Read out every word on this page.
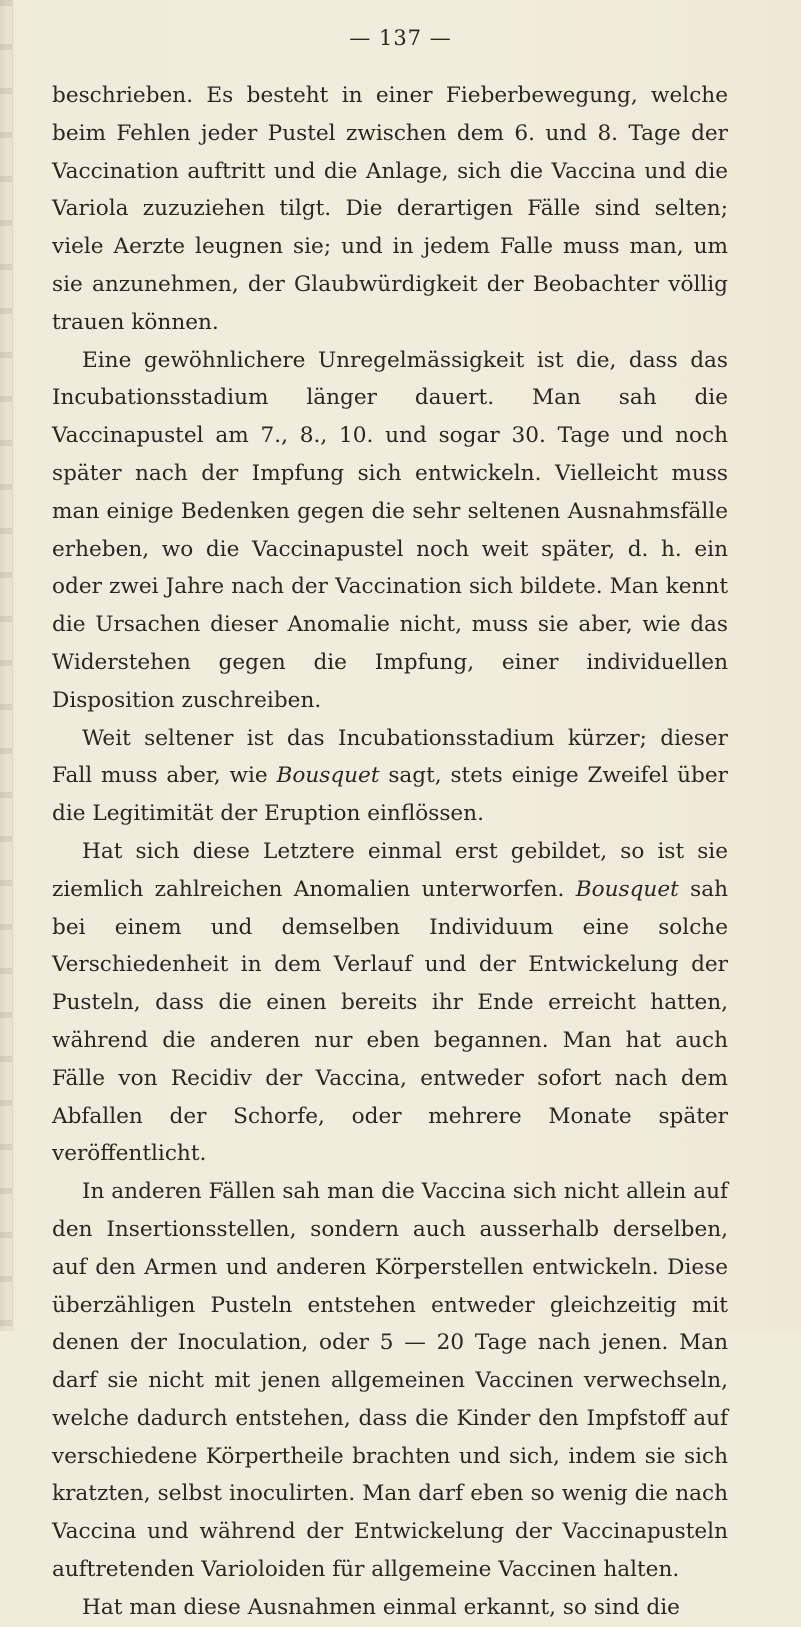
— 137 —

beschrieben. Es besteht in einer Fieberbewegung, welche beim Fehlen jeder Pustel zwischen dem 6. und 8. Tage der Vaccination auftritt und die Anlage, sich die Vaccina und die Variola zuzuziehen tilgt. Die derartigen Fälle sind selten; viele Aerzte leugnen sie; und in jedem Falle muss man, um sie anzunehmen, der Glaubwürdigkeit der Beobachter völlig trauen können.

Eine gewöhnlichere Unregelmässigkeit ist die, dass das Incubationsstadium länger dauert. Man sah die Vaccinapustel am 7., 8., 10. und sogar 30. Tage und noch später nach der Impfung sich entwickeln. Vielleicht muss man einige Bedenken gegen die sehr seltenen Ausnahmsfälle erheben, wo die Vaccinapustel noch weit später, d. h. ein oder zwei Jahre nach der Vaccination sich bildete. Man kennt die Ursachen dieser Anomalie nicht, muss sie aber, wie das Widerstehen gegen die Impfung, einer individuellen Disposition zuschreiben.

Weit seltener ist das Incubationsstadium kürzer; dieser Fall muss aber, wie Bousquet sagt, stets einige Zweifel über die Legitimität der Eruption einflössen.

Hat sich diese Letztere einmal erst gebildet, so ist sie ziemlich zahlreichen Anomalien unterworfen. Bousquet sah bei einem und demselben Individuum eine solche Verschiedenheit in dem Verlauf und der Entwickelung der Pusteln, dass die einen bereits ihr Ende erreicht hatten, während die anderen nur eben begannen. Man hat auch Fälle von Recidiv der Vaccina, entweder sofort nach dem Abfallen der Schorfe, oder mehrere Monate später veröffentlicht.

In anderen Fällen sah man die Vaccina sich nicht allein auf den Insertionsstellen, sondern auch ausserhalb derselben, auf den Armen und anderen Körperstellen entwickeln. Diese überzähligen Pusteln entstehen entweder gleichzeitig mit denen der Inoculation, oder 5 — 20 Tage nach jenen. Man darf sie nicht mit jenen allgemeinen Vaccinen verwechseln, welche dadurch entstehen, dass die Kinder den Impfstoff auf verschiedene Körpertheile brachten und sich, indem sie sich kratzten, selbst inoculirten. Man darf eben so wenig die nach Vaccina und während der Entwickelung der Vaccinapusteln auftretenden Varioloiden für allgemeine Vaccinen halten.

Hat man diese Ausnahmen einmal erkannt, so sind die
